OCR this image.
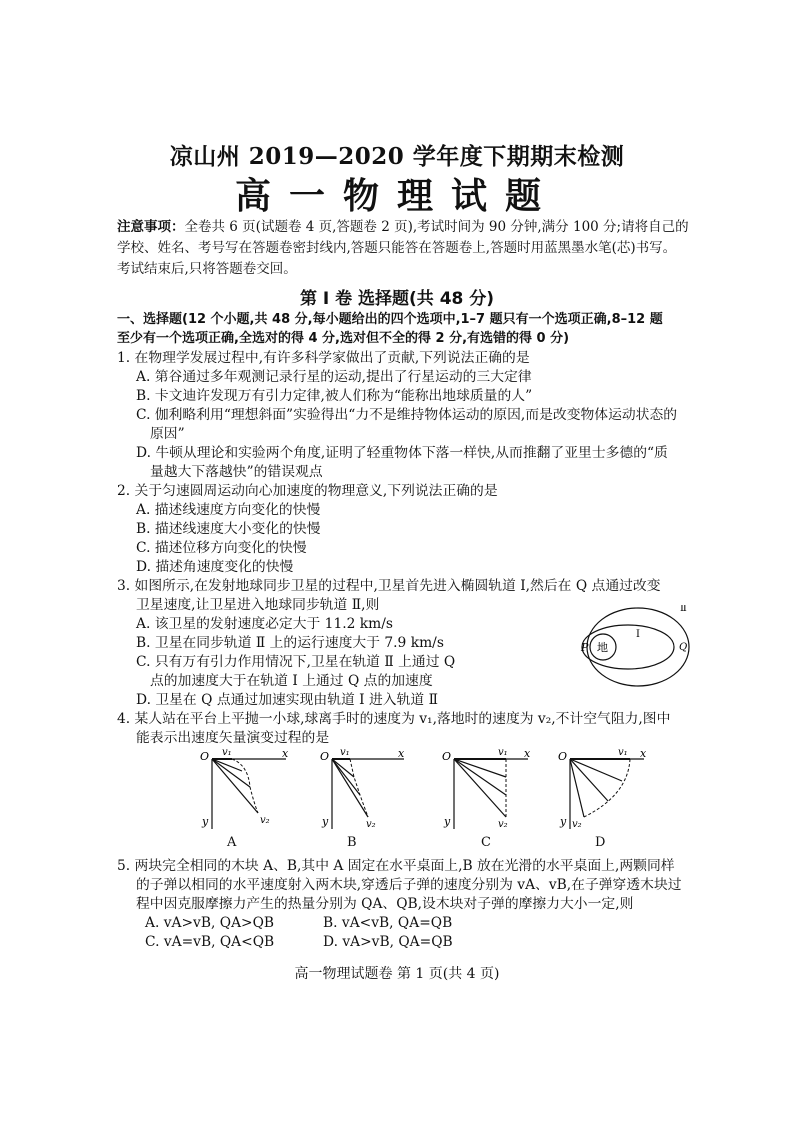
凉山州 2019—2020 学年度下期期末检测
高一物理试题
注意事项：全卷共 6 页(试题卷 4 页,答题卷 2 页),考试时间为 90 分钟,满分 100 分;请将自己的学校、姓名、考号写在答题卷密封线内,答题只能答在答题卷上,答题时用蓝黑墨水笔(芯)书写。考试结束后,只将答题卷交回。
第 Ⅰ 卷 选择题(共 48 分)
一、选择题(12 个小题,共 48 分,每小题给出的四个选项中,1–7 题只有一个选项正确,8–12 题
至少有一个选项正确,全选对的得 4 分,选对但不全的得 2 分,有选错的得 0 分)
1. 在物理学发展过程中,有许多科学家做出了贡献,下列说法正确的是
A. 第谷通过多年观测记录行星的运动,提出了行星运动的三大定律
B. 卡文迪许发现万有引力定律,被人们称为“能称出地球质量的人”
C. 伽利略利用“理想斜面”实验得出“力不是维持物体运动的原因,而是改变物体运动状态的
原因”
D. 牛顿从理论和实验两个角度,证明了轻重物体下落一样快,从而推翻了亚里士多德的“质
量越大下落越快”的错误观点
2. 关于匀速圆周运动向心加速度的物理意义,下列说法正确的是
A. 描述线速度方向变化的快慢
B. 描述线速度大小变化的快慢
C. 描述位移方向变化的快慢
D. 描述角速度变化的快慢
3. 如图所示,在发射地球同步卫星的过程中,卫星首先进入椭圆轨道 Ⅰ,然后在 Q 点通过改变
卫星速度,让卫星进入地球同步轨道 Ⅱ,则
A. 该卫星的发射速度必定大于 11.2 km/s
B. 卫星在同步轨道 Ⅱ 上的运行速度大于 7.9 km/s
C. 只有万有引力作用情况下,卫星在轨道 Ⅱ 上通过 Q
点的加速度大于在轨道 Ⅰ 上通过 Q 点的加速度
D. 卫星在 Q 点通过加速实现由轨道 Ⅰ 进入轨道 Ⅱ
地
P	Q
Ⅰ
Ⅱ
4. 某人站在平台上平抛一小球,球离手时的速度为 v₁,落地时的速度为 v₂,不计空气阻力,图中
能表示出速度矢量演变过程的是
O	x
y
v₁
v₂
A
O	x
y
v₁
v₂
B
O	x
y
v₁
v₂
C
O	x
y
v₁
v₂
D
5. 两块完全相同的木块 A、B,其中 A 固定在水平桌面上,B 放在光滑的水平桌面上,两颗同样
的子弹以相同的水平速度射入两木块,穿透后子弹的速度分别为 vA、vB,在子弹穿透木块过
程中因克服摩擦力产生的热量分别为 QA、QB,设木块对子弹的摩擦力大小一定,则
A. vA>vB, QA>QB	B. vA<vB, QA=QB
C. vA=vB, QA<QB	D. vA>vB, QA=QB
高一物理试题卷 第 1 页(共 4 页)
